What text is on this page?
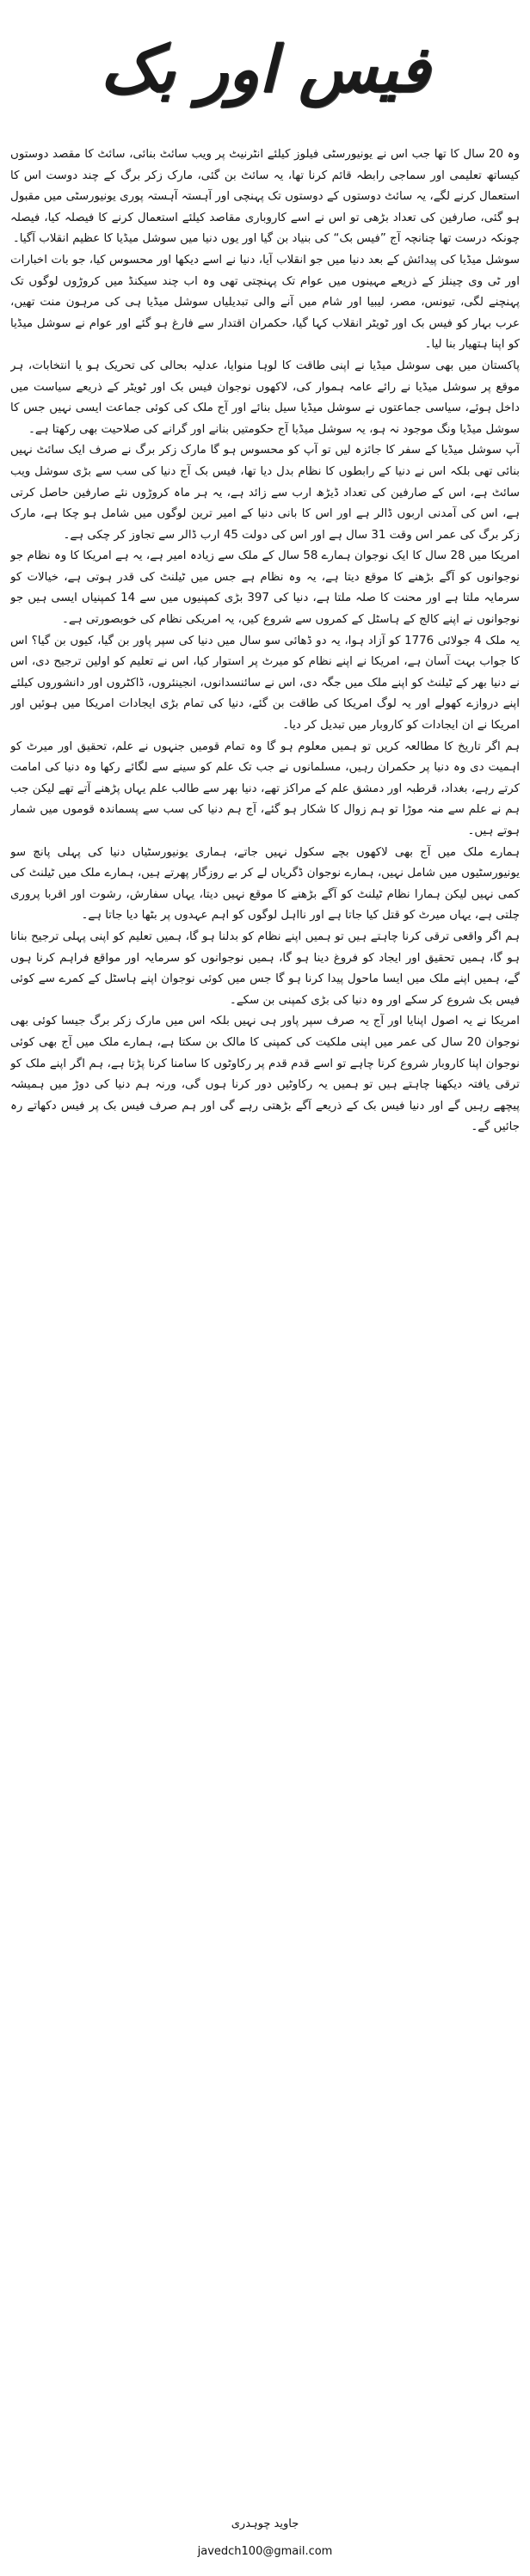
فیس اور بک

وہ 20 سال کا تھا جب اس نے یونیورسٹی فیلوز کیلئے انٹرنیٹ پر ویب سائٹ بنائی، سائٹ کا مقصد دوستوں کیساتھ تعلیمی اور سماجی رابطہ قائم کرنا تھا، یہ سائٹ بن گئی، مارک زکر برگ کے چند دوست اس کا استعمال کرنے لگے، یہ سائٹ دوستوں کے دوستوں تک پہنچی اور آہستہ آہستہ پوری یونیورسٹی میں مقبول ہو گئی، صارفین کی تعداد بڑھی تو اس نے اسے کاروباری مقاصد کیلئے استعمال کرنے کا فیصلہ کیا، فیصلہ چونکہ درست تھا چنانچہ آج ”فیس بک“ کی بنیاد بن گیا اور یوں دنیا میں سوشل میڈیا کا عظیم انقلاب آگیا۔

سوشل میڈیا کی پیدائش کے بعد دنیا میں جو انقلاب آیا، دنیا نے اسے دیکھا اور محسوس کیا، جو بات اخبارات اور ٹی وی چینلز کے ذریعے مہینوں میں عوام تک پہنچتی تھی وہ اب چند سیکنڈ میں کروڑوں لوگوں تک پہنچنے لگی، تیونس، مصر، لیبیا اور شام میں آنے والی تبدیلیاں سوشل میڈیا ہی کی مرہون منت تھیں، عرب بہار کو فیس بک اور ٹویٹر انقلاب کہا گیا، حکمران اقتدار سے فارغ ہو گئے اور عوام نے سوشل میڈیا کو اپنا ہتھیار بنا لیا۔

پاکستان میں بھی سوشل میڈیا نے اپنی طاقت کا لوہا منوایا، عدلیہ بحالی کی تحریک ہو یا انتخابات، ہر موقع پر سوشل میڈیا نے رائے عامہ ہموار کی، لاکھوں نوجوان فیس بک اور ٹویٹر کے ذریعے سیاست میں داخل ہوئے، سیاسی جماعتوں نے سوشل میڈیا سیل بنائے اور آج ملک کی کوئی جماعت ایسی نہیں جس کا سوشل میڈیا ونگ موجود نہ ہو، یہ سوشل میڈیا آج حکومتیں بنانے اور گرانے کی صلاحیت بھی رکھتا ہے۔

آپ سوشل میڈیا کے سفر کا جائزہ لیں تو آپ کو محسوس ہو گا مارک زکر برگ نے صرف ایک سائٹ نہیں بنائی تھی بلکہ اس نے دنیا کے رابطوں کا نظام بدل دیا تھا، فیس بک آج دنیا کی سب سے بڑی سوشل ویب سائٹ ہے، اس کے صارفین کی تعداد ڈیڑھ ارب سے زائد ہے، یہ ہر ماہ کروڑوں نئے صارفین حاصل کرتی ہے، اس کی آمدنی اربوں ڈالر ہے اور اس کا بانی دنیا کے امیر ترین لوگوں میں شامل ہو چکا ہے، مارک زکر برگ کی عمر اس وقت 31 سال ہے اور اس کی دولت 45 ارب ڈالر سے تجاوز کر چکی ہے۔

امریکا میں 28 سال کا ایک نوجوان ہمارے 58 سال کے ملک سے زیادہ امیر ہے، یہ ہے امریکا کا وہ نظام جو نوجوانوں کو آگے بڑھنے کا موقع دیتا ہے، یہ وہ نظام ہے جس میں ٹیلنٹ کی قدر ہوتی ہے، خیالات کو سرمایہ ملتا ہے اور محنت کا صلہ ملتا ہے، دنیا کی 397 بڑی کمپنیوں میں سے 14 کمپنیاں ایسی ہیں جو نوجوانوں نے اپنے کالج کے ہاسٹل کے کمروں سے شروع کیں، یہ امریکی نظام کی خوبصورتی ہے۔

یہ ملک 4 جولائی 1776 کو آزاد ہوا، یہ دو ڈھائی سو سال میں دنیا کی سپر پاور بن گیا، کیوں بن گیا؟ اس کا جواب بہت آسان ہے، امریکا نے اپنے نظام کو میرٹ پر استوار کیا، اس نے تعلیم کو اولین ترجیح دی، اس نے دنیا بھر کے ٹیلنٹ کو اپنے ملک میں جگہ دی، اس نے سائنسدانوں، انجینئروں، ڈاکٹروں اور دانشوروں کیلئے اپنے دروازے کھولے اور یہ لوگ امریکا کی طاقت بن گئے، دنیا کی تمام بڑی ایجادات امریکا میں ہوئیں اور امریکا نے ان ایجادات کو کاروبار میں تبدیل کر دیا۔

ہم اگر تاریخ کا مطالعہ کریں تو ہمیں معلوم ہو گا وہ تمام قومیں جنہوں نے علم، تحقیق اور میرٹ کو اہمیت دی وہ دنیا پر حکمران رہیں، مسلمانوں نے جب تک علم کو سینے سے لگائے رکھا وہ دنیا کی امامت کرتے رہے، بغداد، قرطبہ اور دمشق علم کے مراکز تھے، دنیا بھر سے طالب علم یہاں پڑھنے آتے تھے لیکن جب ہم نے علم سے منہ موڑا تو ہم زوال کا شکار ہو گئے، آج ہم دنیا کی سب سے پسماندہ قوموں میں شمار ہوتے ہیں۔

ہمارے ملک میں آج بھی لاکھوں بچے سکول نہیں جاتے، ہماری یونیورسٹیاں دنیا کی پہلی پانچ سو یونیورسٹیوں میں شامل نہیں، ہمارے نوجوان ڈگریاں لے کر بے روزگار پھرتے ہیں، ہمارے ملک میں ٹیلنٹ کی کمی نہیں لیکن ہمارا نظام ٹیلنٹ کو آگے بڑھنے کا موقع نہیں دیتا، یہاں سفارش، رشوت اور اقربا پروری چلتی ہے، یہاں میرٹ کو قتل کیا جاتا ہے اور نااہل لوگوں کو اہم عہدوں پر بٹھا دیا جاتا ہے۔

ہم اگر واقعی ترقی کرنا چاہتے ہیں تو ہمیں اپنے نظام کو بدلنا ہو گا، ہمیں تعلیم کو اپنی پہلی ترجیح بنانا ہو گا، ہمیں تحقیق اور ایجاد کو فروغ دینا ہو گا، ہمیں نوجوانوں کو سرمایہ اور مواقع فراہم کرنا ہوں گے، ہمیں اپنے ملک میں ایسا ماحول پیدا کرنا ہو گا جس میں کوئی نوجوان اپنے ہاسٹل کے کمرے سے کوئی فیس بک شروع کر سکے اور وہ دنیا کی بڑی کمپنی بن سکے۔

امریکا نے یہ اصول اپنایا اور آج یہ صرف سپر پاور ہی نہیں بلکہ اس میں مارک زکر برگ جیسا کوئی بھی نوجوان 20 سال کی عمر میں اپنی ملکیت کی کمپنی کا مالک بن سکتا ہے، ہمارے ملک میں آج بھی کوئی نوجوان اپنا کاروبار شروع کرنا چاہے تو اسے قدم قدم پر رکاوٹوں کا سامنا کرنا پڑتا ہے، ہم اگر اپنے ملک کو ترقی یافتہ دیکھنا چاہتے ہیں تو ہمیں یہ رکاوٹیں دور کرنا ہوں گی، ورنہ ہم دنیا کی دوڑ میں ہمیشہ پیچھے رہیں گے اور دنیا فیس بک کے ذریعے آگے بڑھتی رہے گی اور ہم صرف فیس بک پر فیس دکھاتے رہ جائیں گے۔

جاوید چوہدری
javedch100@gmail.com
